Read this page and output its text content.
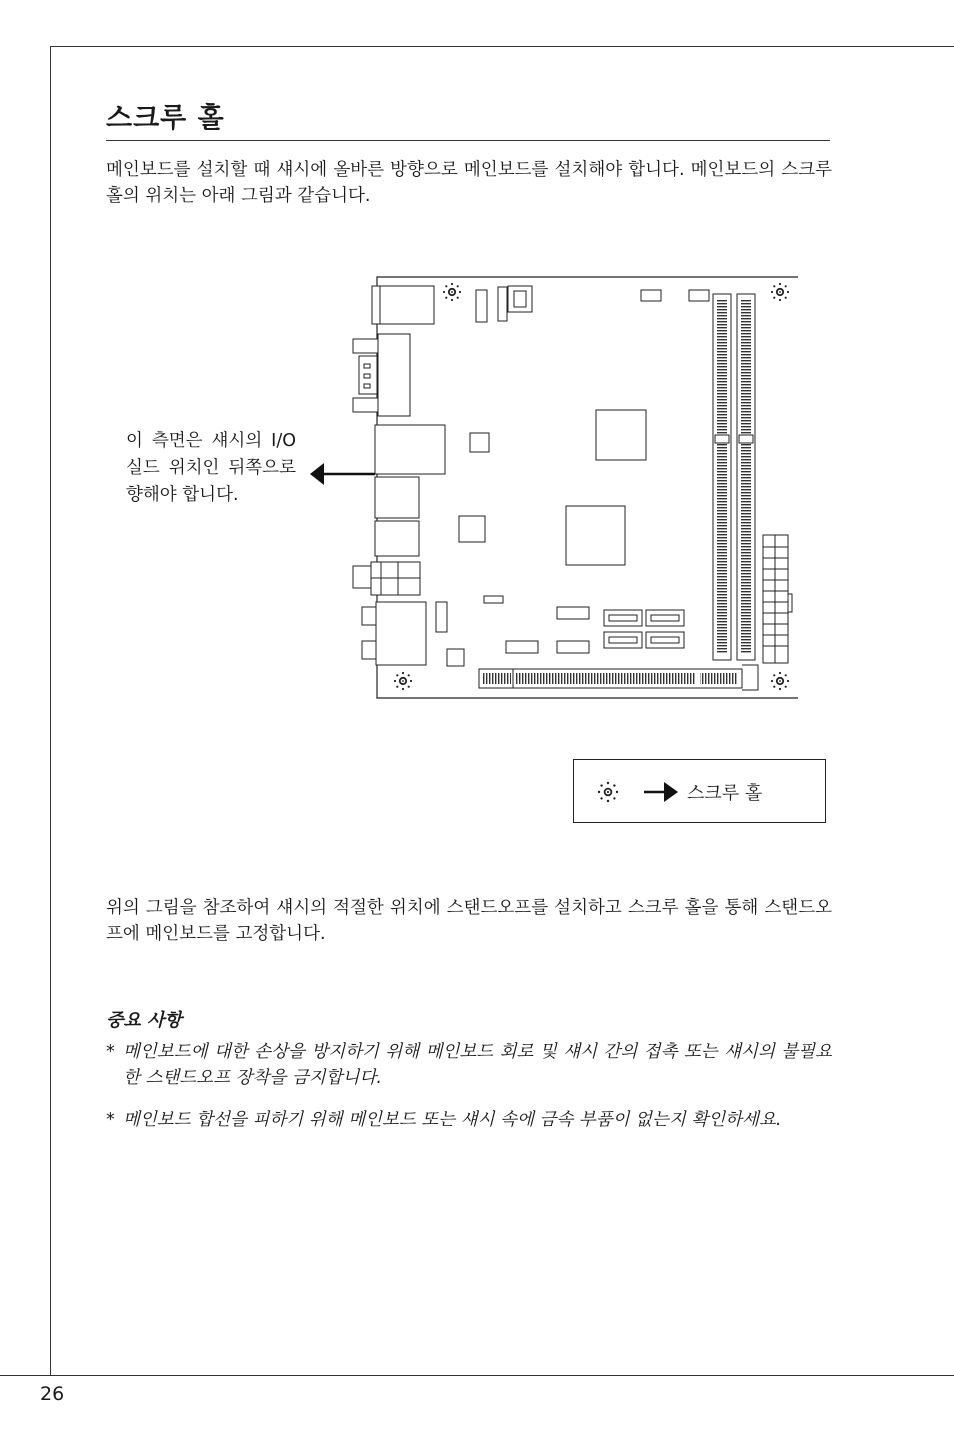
스크루 홀
메인보드를 설치할 때 섀시에 올바른 방향으로 메인보드를 설치해야 합니다. 메인보드의 스크루 홀의 위치는 아래 그림과 같습니다.
이 측면은 섀시의 I/O 실드 위치인 뒤쪽으로 향해야 합니다.
스크루 홀
위의 그림을 참조하여 섀시의 적절한 위치에 스탠드오프를 설치하고 스크루 홀을 통해 스탠드오프에 메인보드를 고정합니다.
중요 사항
* 메인보드에 대한 손상을 방지하기 위해 메인보드 회로 및 섀시 간의 접촉 또는 섀시의 불필요한 스탠드오프 장착을 금지합니다.
* 메인보드 합선을 피하기 위해 메인보드 또는 섀시 속에 금속 부품이 없는지 확인하세요.
26
